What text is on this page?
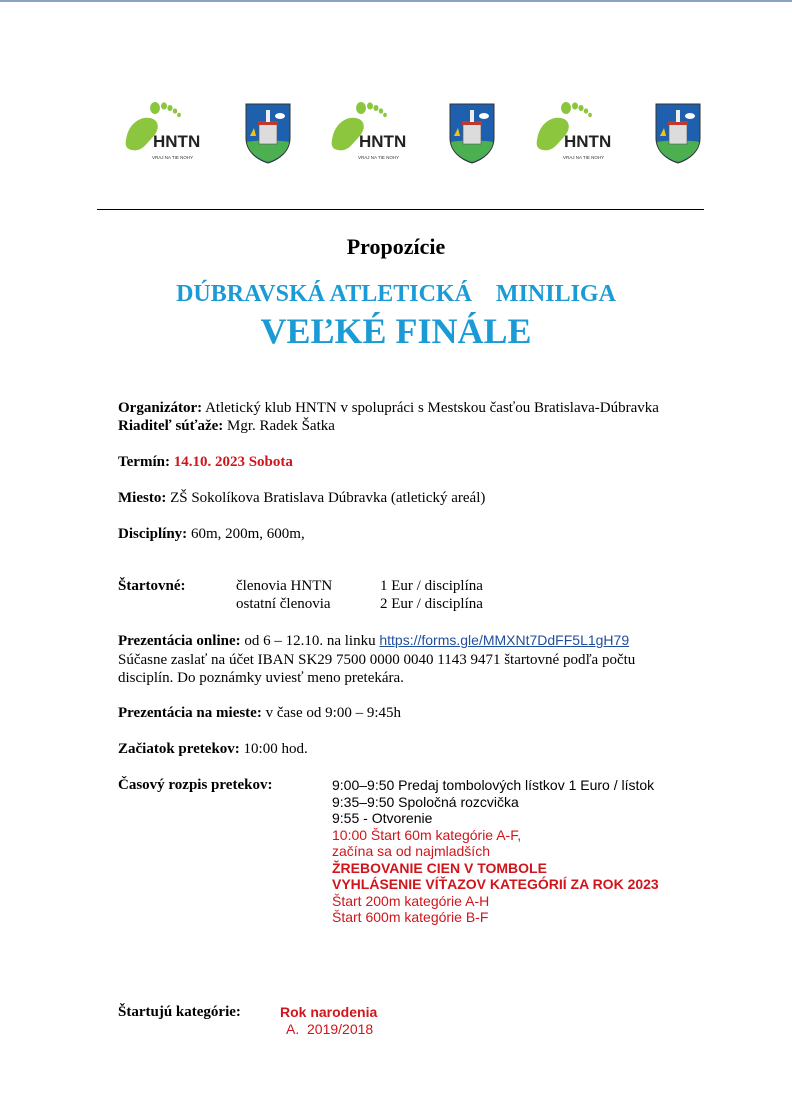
HNTN
VRAJ NA TIE NOHY
HNTN
VRAJ NA TIE NOHY
HNTN
VRAJ NA TIE NOHY
Propozície
DÚBRAVSKÁ ATLETICKÁ    MINILIGA
VEĽKÉ FINÁLE
Organizátor: Atletický klub HNTN v spolupráci s Mestskou časťou Bratislava-Dúbravka
Riaditeľ súťaže: Mgr. Radek Šatka
Termín: 14.10. 2023 Sobota
Miesto: ZŠ Sokolíkova Bratislava Dúbravka (atletický areál)
Disciplíny: 60m, 200m, 600m,
Štartovné:	členovia HNTN	1 Eur / disciplína
ostatní členovia	2 Eur / disciplína
Prezentácia online: od 6 – 12.10. na linku https://forms.gle/MMXNt7DdFF5L1gH79
Súčasne zaslať na účet IBAN SK29 7500 0000 0040 1143 9471 štartovné podľa počtu
disciplín. Do poznámky uviesť meno pretekára.
Prezentácia na mieste: v čase od 9:00 – 9:45h
Začiatok pretekov: 10:00 hod.
Časový rozpis pretekov:	9:00–9:50 Predaj tombolových lístkov 1 Euro / lístok
9:35–9:50 Spoločná rozcvička
9:55 - Otvorenie
10:00 Štart 60m kategórie A-F,
začína sa od najmladších
ŽREBOVANIE CIEN V TOMBOLE
VYHLÁSENIE VÍŤAZOV KATEGÓRIÍ ZA ROK 2023
Štart 200m kategórie A-H
Štart 600m kategórie B-F
Štartujú kategórie:	Rok narodenia
A.  2019/2018
